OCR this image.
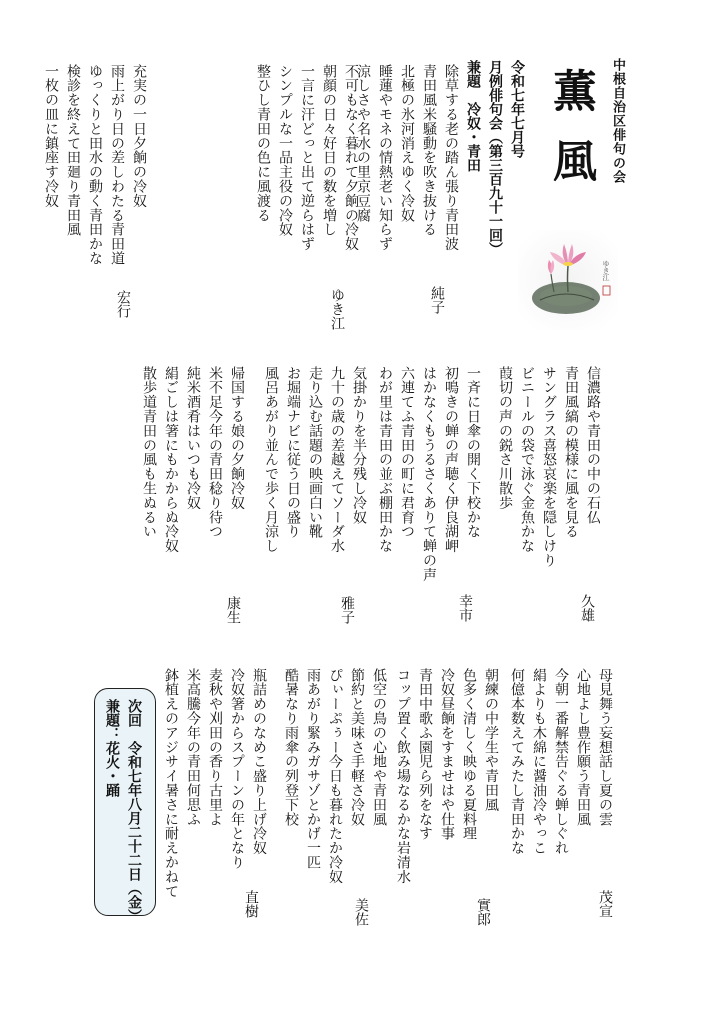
中根自治区俳句の会
薫風
令和七年七月号
月例俳句会（第三百九十一回）
兼題　冷奴・青田
ゆき江
除草する老の踏ん張り青田波
青田風米騒動を吹き抜ける
北極の氷河消えゆく冷奴
睡蓮やモネの情熱老い知らず
涼しさや名水の里京豆腐
純子
不可もなく暮れて夕餉の冷奴
朝顔の日々好日の数を増し
一言に汗どっと出て逆らはず
シンプルな一品主役の冷奴
整ひし青田の色に風渡る
ゆき江
充実の一日夕餉の冷奴
雨上がり日の差しわたる青田道
ゆっくりと田水の動く青田かな
検診を終えて田廻り青田風
一枚の皿に鎮座す冷奴
宏行
信濃路や青田の中の石仏
青田風縞の模様に風を見る
サングラス喜怒哀楽を隠しけり
ビニールの袋で泳ぐ金魚かな
葭切の声の鋭さ川散歩
久雄
一斉に日傘の開く下校かな
初鳴きの蝉の声聴く伊良湖岬
はかなくもうるさくありて蝉の声
六連てふ青田の町に君育つ
わが里は青田の並ぶ棚田かな
幸市
気掛かりを半分残し冷奴
九十の歳の差越えてソーダ水
走り込む話題の映画白い靴
お堀端ナビに従う日の盛り
風呂あがり並んで歩く月涼し
雅子
帰国する娘の夕餉冷奴
米不足今年の青田稔り待つ
純米酒肴はいつも冷奴
絹ごしは箸にもかからぬ冷奴
散歩道青田の風も生ぬるい
康生
母見舞う妄想話し夏の雲
心地よし豊作願う青田風
今朝一番解禁告ぐる蝉しぐれ
絹よりも木綿に醤油冷やっこ
何億本数えてみたし青田かな
茂宣
朝練の中学生や青田風
色多く清しく映ゆる夏料理
冷奴昼餉をすませはや仕事
青田中歌ふ園児ら列をなす
コップ置く飲み場なるかな岩清水
實郎
低空の鳥の心地や青田風
節約と美味さ手軽さ冷奴
ぴぃーぷぅー今日も暮れたか冷奴
雨あがり緊みガサゾとかげ一匹
酷暑なり雨傘の列登下校
美佐
瓶詰めのなめこ盛り上げ冷奴
冷奴箸からスプーンの年となり
麦秋や刈田の香り古里よ
米高騰今年の青田何思ふ
鉢植えのアジサイ暑さに耐えかねて
直樹
次回　令和七年八月二十二日（金）
兼題：花火・踊
